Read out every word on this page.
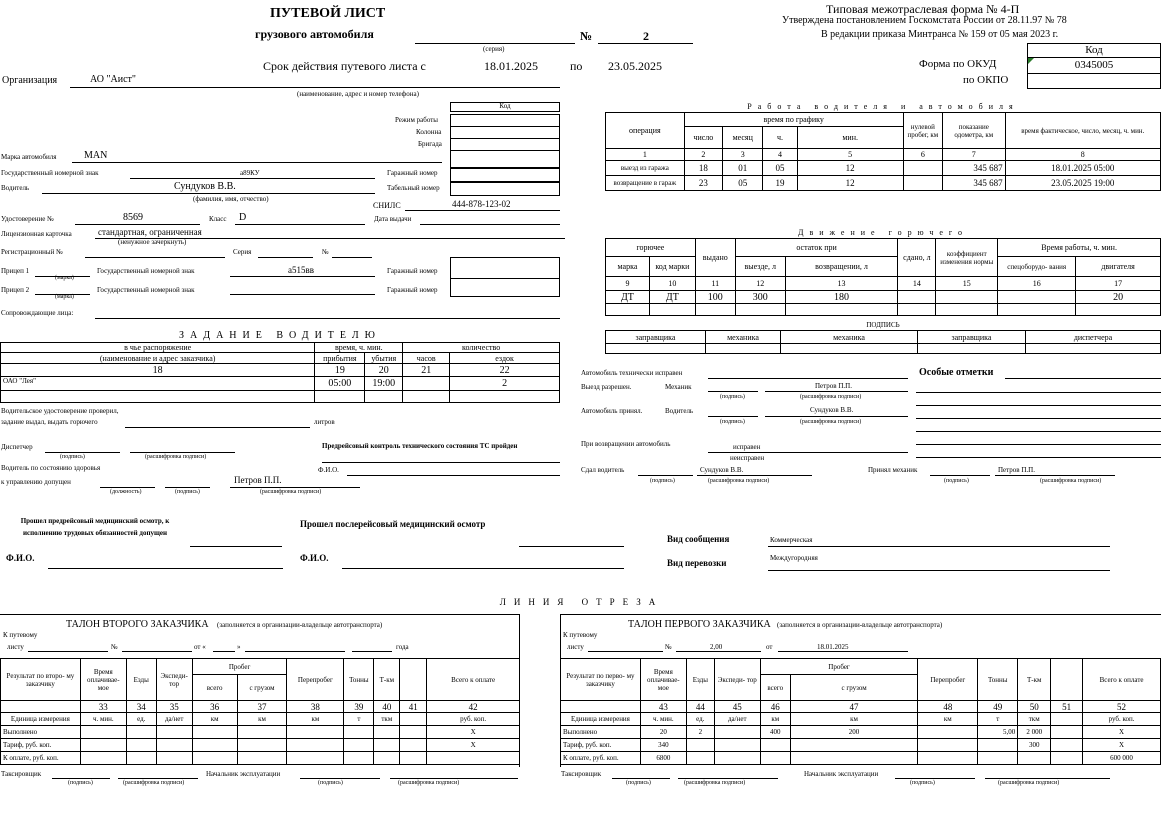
ПУТЕВОЙ ЛИСТ
грузового автомобиля
(серия)
№	2
Типовая межотраслевая форма № 4-П
Утверждена постановлением Госкомстата России от 28.11.97 № 78
В редакции приказа Минтранса № 159 от 05 мая 2023 г.
Срок действия путевого листа с	18.01.2025	по 23.05.2025
Код
0345005
Форма по ОКУД
по ОКПО
Организация	АО "Аист"
(наименование, адрес и номер телефона)
Код
Режим работы
Колонна
Бригада
Марка автомобиля	MAN
Государственный номерной знак	а89КУ	Гаражный номер
Водитель	Сундуков В.В.
(фамилия, имя, отчество)
Табельный номер
СНИЛС	444-878-123-02
Удостоверение №	8569	Класс D	Дата выдачи
Лицензионная карточка	стандартная, ограниченная
(ненужное зачеркнуть)
Регистрационный №	Серия	№
Прицеп 1
(марка)
Государственный номерной знак	а515вв	Гаражный номер
Прицеп 2
(марка)
Государственный номерной знак	Гаражный номер
Сопровождающие лица:
Работа водителя и автомобиля
операция	время по графику				нулевой пробег, км	показание одометра, км	время фактическое, число, месяц, ч. мин.
	число	месяц	ч.	мин.			
1	2	3	4	5	6	7	8
выезд из гаража	18	01	05	12		345 687	18.01.2025 05:00
возвращение в гараж	23	05	19	12		345 687	23.05.2025 19:00
Движение горючего
горючее		выдано	остаток при		сдано, л	коэффициент изменения нормы	Время работы, ч. мин.	
марка	код марки		выезде, л	возвращении, л			спецоборудо- вания	двигателя
9	10	11	12	13	14	15	16	17
ДТ	ДТ	100	300	180				20

ПОДПИСЬ
заправщика	механика	механика	заправщика	диспетчера

ЗАДАНИЕ ВОДИТЕЛЮ
в чье распоряжение	время, ч. мин.		количество	
(наименование и адрес заказчика)	прибытия	убытия	часов	ездок
18	19	20	21	22
ОАО "Лея"	05:00	19:00		2

Водительское удостоверение проверил,
задание выдал, выдать горючего	литров
Диспетчер
(подпись)	(расшифровка подписи)
Предрейсовый контроль технического состояния ТС пройден
Ф.И.О.
Водитель по состоянию здоровья
к управлению допущен	Петров П.П.
(должность)	(подпись)	(расшифровка подписи)
Прошел предрейсовый медицинский осмотр, к исполнению трудовых обязанностей допущен
Прошел послерейсовый медицинский осмотр
Ф.И.О.	Ф.И.О.
Автомобиль технически исправен	Особые отметки
Выезд разрешен.	Механик	Петров П.П.
(подпись)	(расшифровка подписи)
Автомобиль принял.	Водитель	Сундуков В.В.
(подпись)	(расшифровка подписи)
При возвращении автомобиль	исправен
неисправен
Сдал водитель	Сундуков В.В.
(подпись)	(расшифровка подписи)
Принял механик	Петров П.П.
(подпись)	(расшифровка подписи)
Вид сообщения	Коммерческая
Вид перевозки	Междугородняя
ЛИНИЯ ОТРЕЗА
ТАЛОН ВТОРОГО ЗАКАЗЧИКА (заполняется в организации-владельце автотранспорта)
К путевому
листу	№	от «	»	года
Результат по второ- му заказчику	Время оплачивае- мое	Езды	Экспеди- тор	Пробег		Перепробег	Тонны	Т-км		Всего к оплате
				всего	с грузом					
	33	34	35	36	37	38	39	40	41	42
Единица измерения	ч. мин.	ед.	да/нет	км	км	км	т	ткм		руб. коп.
Выполнено										X
Тариф, руб. коп.										X
К оплате, руб. коп.										
Таксировщик
(подпись)	(расшифровка подписи)
Начальник эксплуатации
(подпись)	(расшифровка подписи)
ТАЛОН ПЕРВОГО ЗАКАЗЧИКА (заполняется в организации-владельце автотранспорта)
К путевому
листу	№	2,00	от	18.01.2025
Результат по перво- му заказчику	Время оплачивае- мое	Езды	Экспеди- тор	Пробег		Перепробег	Тонны	Т-км		Всего к оплате
				всего	с грузом					
	43	44	45	46	47	48	49	50	51	52
Единица измерения	ч. мин.	ед.	да/нет	км	км	км	т	ткм		руб. коп.
Выполнено	20	2		400	200		5,00	2 000		X
Тариф, руб. коп.	340							300		X
К оплате, руб. коп.	6800									600 000
Таксировщик
(подпись)	(расшифровка подписи)
Начальник эксплуатации
(подпись)	(расшифровка подписи)
